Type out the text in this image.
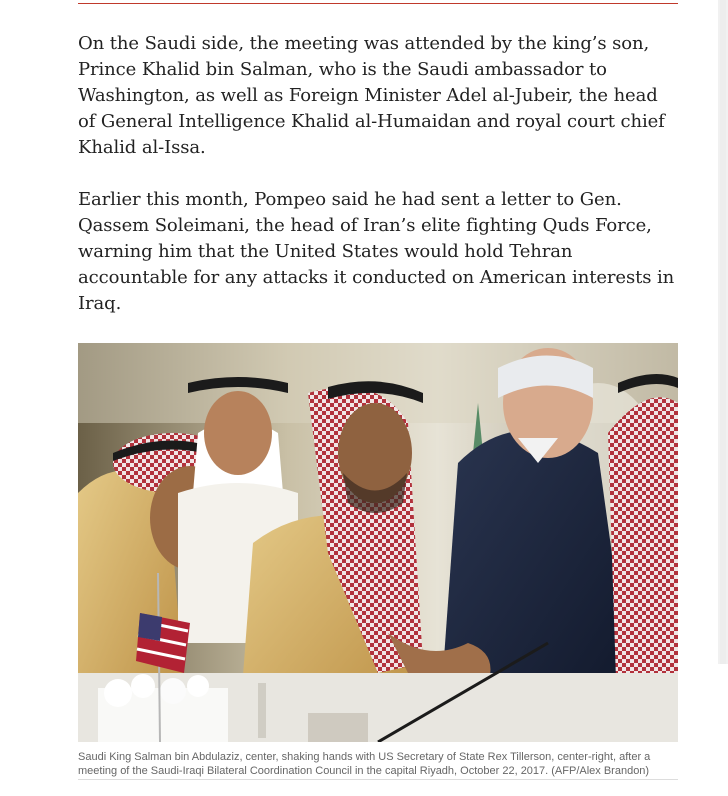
On the Saudi side, the meeting was attended by the king’s son, Prince Khalid bin Salman, who is the Saudi ambassador to Washington, as well as Foreign Minister Adel al-Jubeir, the head of General Intelligence Khalid al-Humaidan and royal court chief Khalid al-Issa.

Earlier this month, Pompeo said he had sent a letter to Gen. Qassem Soleimani, the head of Iran’s elite fighting Quds Force, warning him that the United States would hold Tehran accountable for any attacks it conducted on American interests in Iraq.

Saudi King Salman bin Abdulaziz, center, shaking hands with US Secretary of State Rex Tillerson, center-right, after a meeting of the Saudi-Iraqi Bilateral Coordination Council in the capital Riyadh, October 22, 2017. (AFP/Alex Brandon)
